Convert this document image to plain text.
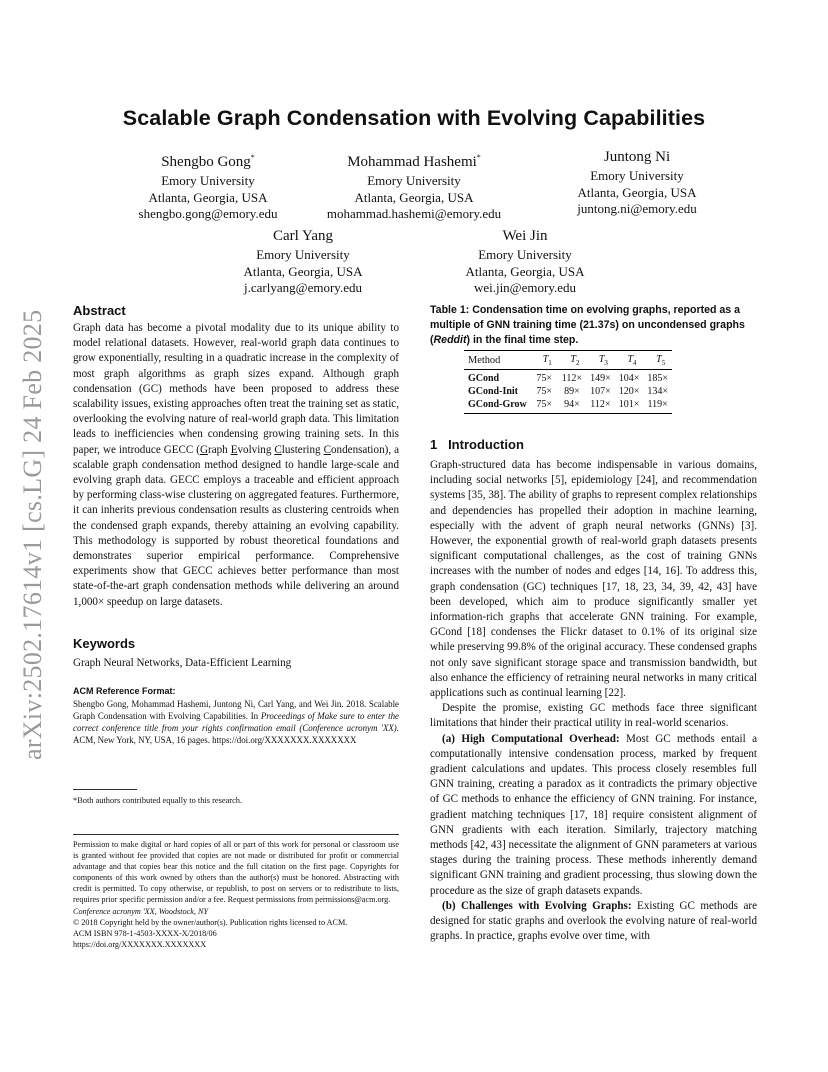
arXiv:2502.17614v1 [cs.LG] 24 Feb 2025
Scalable Graph Condensation with Evolving Capabilities
Shengbo Gong*
Emory University
Atlanta, Georgia, USA
shengbo.gong@emory.edu
Mohammad Hashemi*
Emory University
Atlanta, Georgia, USA
mohammad.hashemi@emory.edu
Juntong Ni
Emory University
Atlanta, Georgia, USA
juntong.ni@emory.edu
Carl Yang
Emory University
Atlanta, Georgia, USA
j.carlyang@emory.edu
Wei Jin
Emory University
Atlanta, Georgia, USA
wei.jin@emory.edu
Abstract

Graph data has become a pivotal modality due to its unique ability to model relational datasets. However, real-world graph data continues to grow exponentially, resulting in a quadratic increase in the complexity of most graph algorithms as graph sizes expand. Although graph condensation (GC) methods have been proposed to address these scalability issues, existing approaches often treat the training set as static, overlooking the evolving nature of real-world graph data. This limitation leads to inefficiencies when condensing growing training sets. In this paper, we introduce GECC (Graph Evolving Clustering Condensation), a scalable graph condensation method designed to handle large-scale and evolving graph data. GECC employs a traceable and efficient approach by performing class-wise clustering on aggregated features. Furthermore, it can inherits previous condensation results as clustering centroids when the condensed graph expands, thereby attaining an evolving capability. This methodology is supported by robust theoretical foundations and demonstrates superior empirical performance. Comprehensive experiments show that GECC achieves better performance than most state-of-the-art graph condensation methods while delivering an around 1,000× speedup on large datasets.

Keywords

Graph Neural Networks, Data-Efficient Learning

ACM Reference Format:

Shengbo Gong, Mohammad Hashemi, Juntong Ni, Carl Yang, and Wei Jin. 2018. Scalable Graph Condensation with Evolving Capabilities. In Proceedings of Make sure to enter the correct conference title from your rights confirmation email (Conference acronym 'XX). ACM, New York, NY, USA, 16 pages. https://doi.org/XXXXXXX.XXXXXXX

*Both authors contributed equally to this research.

Permission to make digital or hard copies of all or part of this work for personal or classroom use is granted without fee provided that copies are not made or distributed for profit or commercial advantage and that copies bear this notice and the full citation on the first page. Copyrights for components of this work owned by others than the author(s) must be honored. Abstracting with credit is permitted. To copy otherwise, or republish, to post on servers or to redistribute to lists, requires prior specific permission and/or a fee. Request permissions from permissions@acm.org.

Conference acronym 'XX, Woodstock, NY

© 2018 Copyright held by the owner/author(s). Publication rights licensed to ACM.

ACM ISBN 978-1-4503-XXXX-X/2018/06

https://doi.org/XXXXXXX.XXXXXXX

Table 1: Condensation time on evolving graphs, reported as a multiple of GNN training time (21.37s) on uncondensed graphs (Reddit) in the final time step.

Method	$T_1$	$T_2$	$T_3$	$T_4$	$T_5$
GCond	75×	112×	149×	104×	185×
GCond-Init	75×	89×	107×	120×	134×
GCond-Grow	75×	94×	112×	101×	119×
1   Introduction

Graph-structured data has become indispensable in various domains, including social networks [5], epidemiology [24], and recommendation systems [35, 38]. The ability of graphs to represent complex relationships and dependencies has propelled their adoption in machine learning, especially with the advent of graph neural networks (GNNs) [3]. However, the exponential growth of real-world graph datasets presents significant computational challenges, as the cost of training GNNs increases with the number of nodes and edges [14, 16]. To address this, graph condensation (GC) techniques [17, 18, 23, 34, 39, 42, 43] have been developed, which aim to produce significantly smaller yet information-rich graphs that accelerate GNN training. For example, GCond [18] condenses the Flickr dataset to 0.1% of its original size while preserving 99.8% of the original accuracy. These condensed graphs not only save significant storage space and transmission bandwidth, but also enhance the efficiency of retraining neural networks in many critical applications such as continual learning [22].

Despite the promise, existing GC methods face three significant limitations that hinder their practical utility in real-world scenarios.

(a) High Computational Overhead: Most GC methods entail a computationally intensive condensation process, marked by frequent gradient calculations and updates. This process closely resembles full GNN training, creating a paradox as it contradicts the primary objective of GC methods to enhance the efficiency of GNN training. For instance, gradient matching techniques [17, 18] require consistent alignment of GNN gradients with each iteration. Similarly, trajectory matching methods [42, 43] necessitate the alignment of GNN parameters at various stages during the training process. These methods inherently demand significant GNN training and gradient processing, thus slowing down the procedure as the size of graph datasets expands.

(b) Challenges with Evolving Graphs: Existing GC methods are designed for static graphs and overlook the evolving nature of real-world graphs. In practice, graphs evolve over time, with
